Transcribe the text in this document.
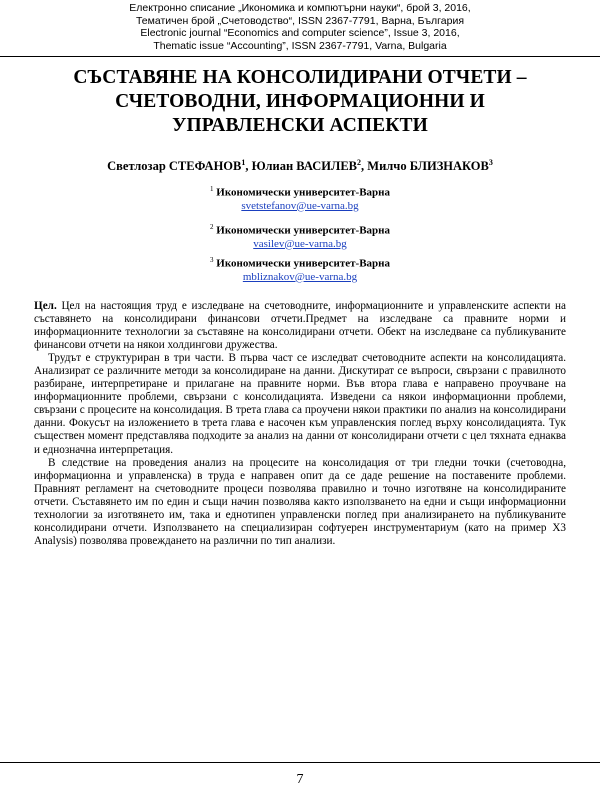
Електронно списание „Икономика и компютърни науки“, брой 3, 2016,
Тематичен брой „Счетоводство“, ISSN 2367-7791, Варна, България
Electronic journal “Economics and computer science”, Issue 3, 2016,
Thematic issue “Accounting”, ISSN 2367-7791, Varna, Bulgaria
СЪСТАВЯНЕ НА КОНСОЛИДИРАНИ ОТЧЕТИ –
СЧЕТОВОДНИ, ИНФОРМАЦИОННИ И
УПРАВЛЕНСКИ АСПЕКТИ
Светлозар СТЕФАНОВ$^1$, Юлиан ВАСИЛЕВ$^2$, Милчо БЛИЗНАКОВ$^3$
$^1$ Икономически университет-Варна
svetstefanov@ue-varna.bg
$^2$ Икономически университет-Варна
vasilev@ue-varna.bg
$^3$ Икономически университет-Варна
mbliznakov@ue-varna.bg

Цел. Цел на настоящия труд е изследване на счетоводните, информационните и управленските аспекти на съставянето на консолидирани финансови отчети.Предмет на изследване са правните норми и информационните технологии за съставяне на консолидирани отчети. Обект на изследване са публикуваните финансови отчети на някои холдингови дружества.

Трудът е структуриран в три части. В първа част се изследват счетоводните аспекти на консолидацията. Анализират се различните методи за консолидиране на данни. Дискутират се въпроси, свързани с правилното разбиране, интерпретиране и прилагане на правните норми. Във втора глава е направено проучване на информационните проблеми, свързани с консолидацията. Изведени са някои информационни проблеми, свързани с процесите на консолидация. В трета глава са проучени някои практики по анализ на консолидирани данни. Фокусът на изложението в трета глава е насочен към управленския поглед върху консолидацията. Тук съществен момент представлява подходите за анализ на данни от консолидирани отчети с цел тяхната еднаква и еднозначна интерпретация.

В следствие на проведения анализ на процесите на консолидация от три гледни точки (счетоводна, информационна и управленска) в труда е направен опит да се даде решение на поставените проблеми. Правният регламент на счетоводните процеси позволява правилно и точно изготвяне на консолидираните отчети. Съставянето им по един и същи начин позволява както използването на едни и същи информационни технологии за изготвянето им, така и еднотипен управленски поглед при анализирането на публикуваните консолидирани отчети. Използването на специализиран софтуерен инструментариум (като на пример X3 Analysis) позволява провеждането на различни по тип анализи.

7
